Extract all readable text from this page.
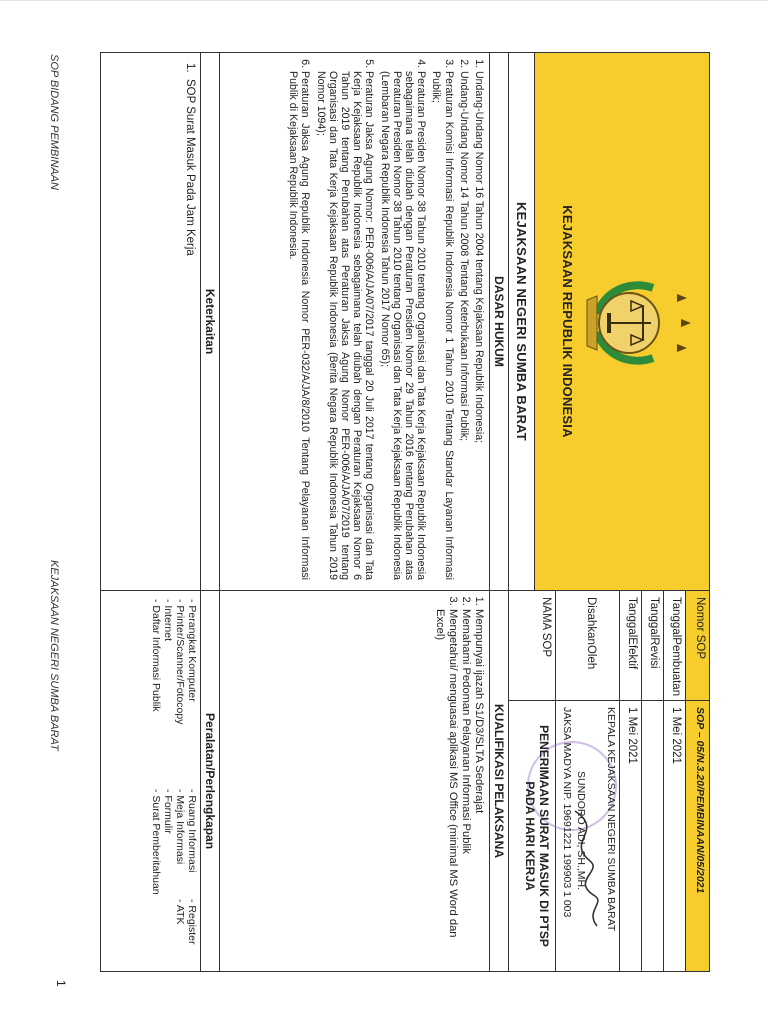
KEJAKSAAN REPUBLIK INDONESIA
KEJAKSAAN NEGERI SUMBA BARAT
Nomor SOP
SOP – 05/N.3.20/PEMBINAAN/05/2021
TanggalPembuatan
1 Mei 2021
TanggalRevisi
TanggalEfektif
1 Mei 2021
DisahkanOleh
KEPALA KEJAKSAAN NEGERI SUMBA BARAT
SUNDORO ADI, SH.,MH.
JAKSA MADYA NIP. 19691221 199903 1 003
NAMA SOP
PENERIMAAN SURAT MASUK DI PTSP
PADA HARI KERJA
DASAR HUKUM
1. Undang-Undang Nomor 16 Tahun 2004 tentang Kejaksaan Republik Indonesia;
2. Undang-Undang Nomor 14 Tahun 2008 Tentang Keterbukaan Informasi Publik;
3. Peraturan Komisi Informasi Republik Indonesia Nomor 1 Tahun 2010 Tentang Standar Layanan Informasi Publik;
4. Peraturan Presiden Nomor 38 Tahun 2010 tentang Organisasi dan Tata Kerja Kejaksaan Republik Indonesia sebagaimana telah diubah dengan Peraturan Presiden Nomor 29 Tahun 2016 tentang Perubahan atas Peraturan Presiden Nomor 38 Tahun 2010 tentang Organisasi dan Tata Kerja Kejaksaan Republik Indonesia (Lembaran Negara Republik Indonesia Tahun 2017 Nomor 65);
5. Peraturan Jaksa Agung Nomor: PER-006/A/JA/07/2017 tanggal 20 Juli 2017 tentang Organisasi dan Tata Kerja Kejaksaan Republik Indonesia sebagaimana telah diubah dengan Peraturan Kejaksaan Nomor 6 Tahun 2019 tentang Perubahan atas Peraturan Jaksa Agung Nomor PER-006/A/JA/07/2019 tentang Organisasi dan Tata Kerja Kejaksaan Republik Indonesia (Berita Negara Republik Indonesia Tahun 2019 Nomor 1094);
6. Peraturan Jaksa Agung Republik Indonesia Nomor PER-032/A/JA/8/2010 Tentang Pelayanan Informasi Publik di Kejaksaan Republik Indonesia.
KUALIFIKASI PELAKSANA
1. Mempunyai ijazah S1/D3/SLTA Sederajat
2. Memahami Pedoman Pelayanan Informasi Publik
3. Mengetahui/ menguasai aplikasi MS Office (minimal MS Word dan Excel)
Keterkaitan
1.  SOP Surat Masuk Pada Jam Kerja
Peralatan/Perlengkapan
- Perangkat Komputer
- Ruang Informasi
- Register
- Printer/Scanner/Fotocopy
- Meja Informasi
- ATK
- Internet
- Formulir
- Daftar Informasi Publik
- Surat Pemberitahuan
SOP BIDANG PEMBINAAN
KEJAKSAAN NEGERI SUMBA BARAT
1
